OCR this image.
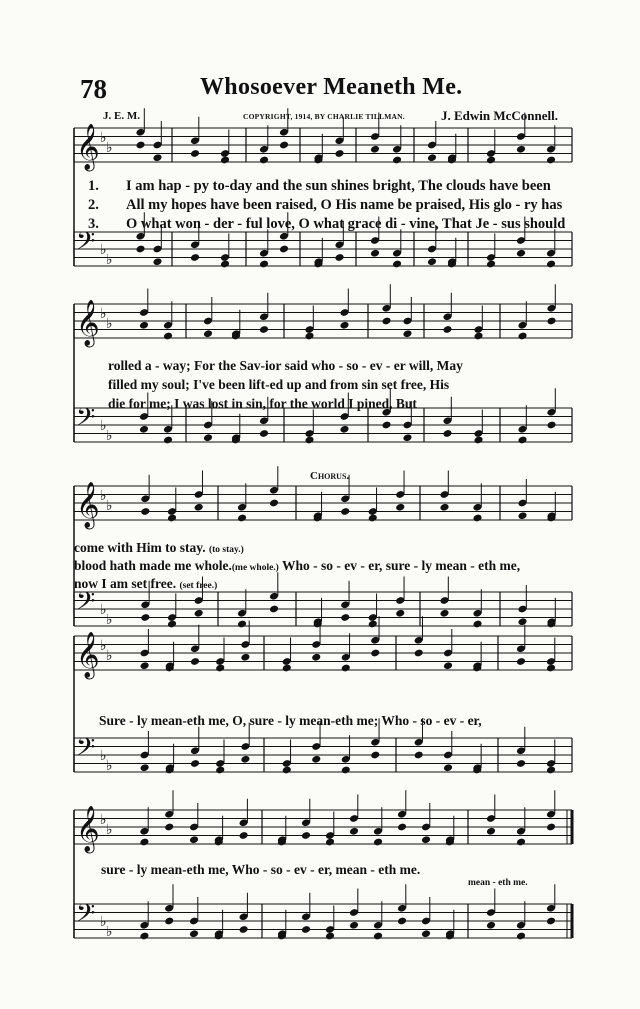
78	Whosoever Meaneth Me.
J. E. M.	COPYRIGHT, 1914, BY CHARLIE TILLMAN.	J. Edwin McConnell.
𝄞 ♭
♭
𝄢 ♭
♭
𝄞 ♭
♭
𝄢 ♭
♭
𝄞 ♭
♭
𝄢 ♭
♭
𝄞 ♭
♭
𝄢 ♭
♭
𝄞 ♭
♭
𝄢 ♭
♭
1. I am hap - py to-day and the sun shines bright, The clouds have been
2. All my hopes have been raised, O His name be praised, His glo - ry has
3. O what won - der - ful love, O what grace di - vine, That Je - sus should
rolled a - way; For the Sav-ior said who - so - ev - er will, May
filled my soul; I've been lift-ed up and from sin set free, His
die for me; I was lost in sin, for the world I pined, But
Chorus.
come with Him to stay. (to stay.)
blood hath made me whole.(me whole.) Who - so - ev - er, sure - ly mean - eth me,
now I am set free. (set free.)
Sure - ly mean-eth me, O, sure - ly mean-eth me; Who - so - ev - er,
sure - ly mean-eth me, Who - so - ev - er, mean - eth me.
mean - eth me.
